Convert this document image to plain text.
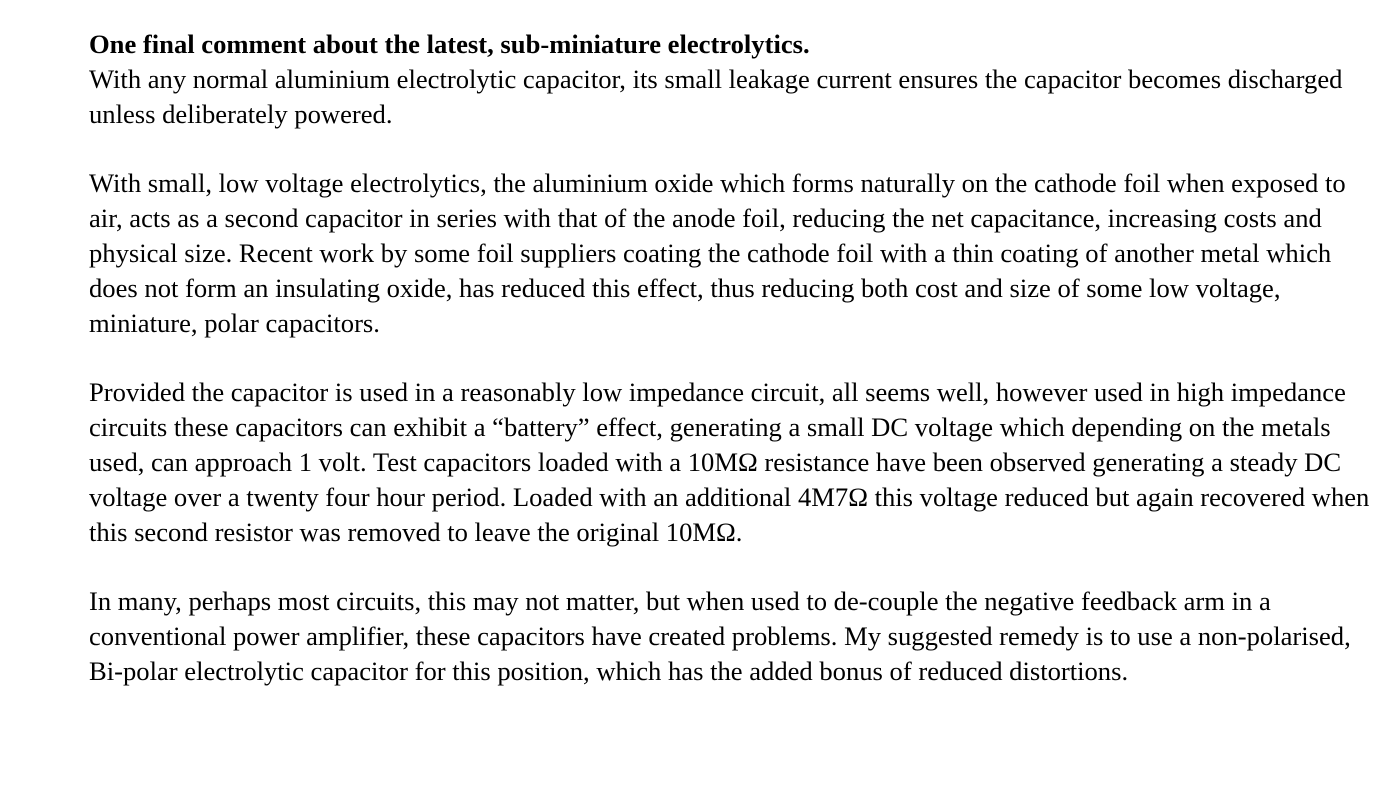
One final comment about the latest, sub-miniature electrolytics.
With any normal aluminium electrolytic capacitor, its small leakage current ensures the capacitor becomes discharged unless deliberately powered.

With small, low voltage electrolytics, the aluminium oxide which forms naturally on the cathode foil when exposed to air, acts as a second capacitor in series with that of the anode foil, reducing the net capacitance, increasing costs and physical size. Recent work by some foil suppliers coating the cathode foil with a thin coating of another metal which does not form an insulating oxide, has reduced this effect, thus reducing both cost and size of some low voltage, miniature, polar capacitors.

Provided the capacitor is used in a reasonably low impedance circuit, all seems well, however used in high impedance circuits these capacitors can exhibit a “battery” effect, generating a small DC voltage which depending on the metals used, can approach 1 volt. Test capacitors loaded with a 10MΩ resistance have been observed generating a steady DC voltage over a twenty four hour period. Loaded with an additional 4M7Ω this voltage reduced but again recovered when this second resistor was removed to leave the original 10MΩ.

In many, perhaps most circuits, this may not matter, but when used to de-couple the negative feedback arm in a conventional power amplifier, these capacitors have created problems. My suggested remedy is to use a non-polarised, Bi-polar electrolytic capacitor for this position, which has the added bonus of reduced distortions.
